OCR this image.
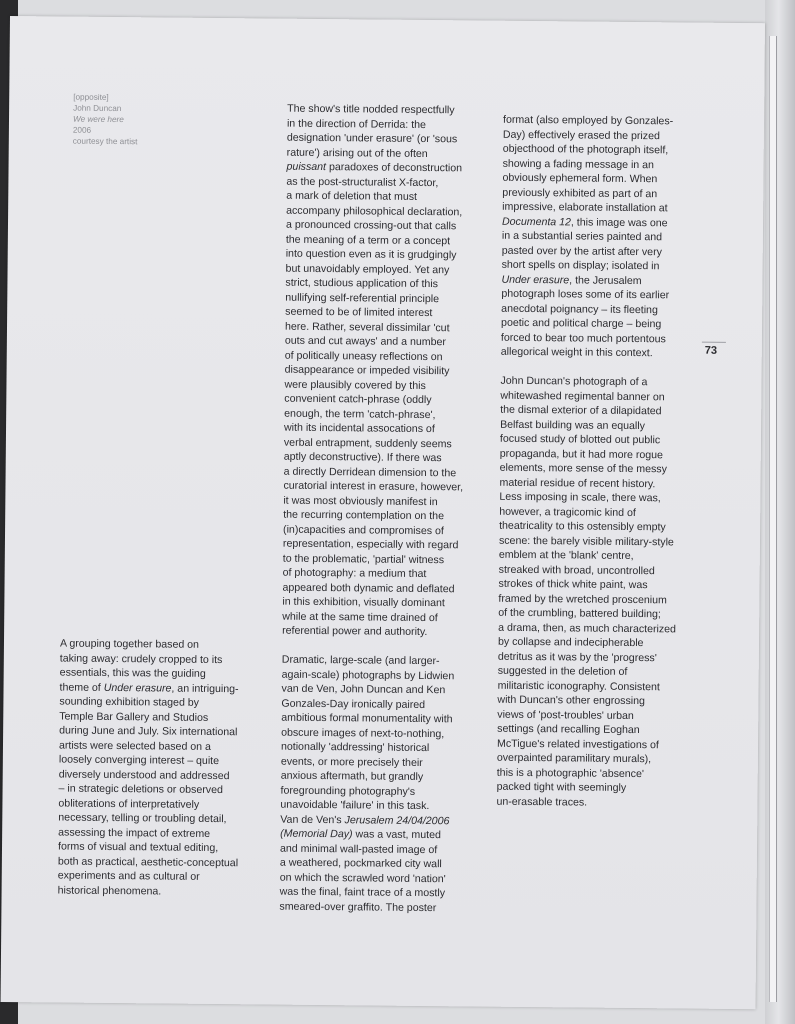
[opposite]
John Duncan
We were here
2006
courtesy the artist

The show's title nodded respectfully
in the direction of Derrida: the
designation 'under erasure' (or 'sous
rature') arising out of the often
puissant paradoxes of deconstruction
as the post-structuralist X-factor,
a mark of deletion that must
accompany philosophical declaration,
a pronounced crossing-out that calls
the meaning of a term or a concept
into question even as it is grudgingly
but unavoidably employed. Yet any
strict, studious application of this
nullifying self-referential principle
seemed to be of limited interest
here. Rather, several dissimilar 'cut
outs and cut aways' and a number
of politically uneasy reflections on
disappearance or impeded visibility
were plausibly covered by this
convenient catch-phrase (oddly
enough, the term 'catch-phrase',
with its incidental assocations of
verbal entrapment, suddenly seems
aptly deconstructive). If there was
a directly Derridean dimension to the
curatorial interest in erasure, however,
it was most obviously manifest in
the recurring contemplation on the
(in)capacities and compromises of
representation, especially with regard
to the problematic, 'partial' witness
of photography: a medium that
appeared both dynamic and deflated
in this exhibition, visually dominant
while at the same time drained of
referential power and authority.

Dramatic, large-scale (and larger-
again-scale) photographs by Lidwien
van de Ven, John Duncan and Ken
Gonzales-Day ironically paired
ambitious formal monumentality with
obscure images of next-to-nothing,
notionally 'addressing' historical
events, or more precisely their
anxious aftermath, but grandly
foregrounding photography's
unavoidable 'failure' in this task.
Van de Ven's Jerusalem 24/04/2006
(Memorial Day) was a vast, muted
and minimal wall-pasted image of
a weathered, pockmarked city wall
on which the scrawled word 'nation'
was the final, faint trace of a mostly
smeared-over graffito. The poster

format (also employed by Gonzales-
Day) effectively erased the prized
objecthood of the photograph itself,
showing a fading message in an
obviously ephemeral form. When
previously exhibited as part of an
impressive, elaborate installation at
Documenta 12, this image was one
in a substantial series painted and
pasted over by the artist after very
short spells on display; isolated in
Under erasure, the Jerusalem
photograph loses some of its earlier
anecdotal poignancy – its fleeting
poetic and political charge – being
forced to bear too much portentous
allegorical weight in this context.

John Duncan's photograph of a
whitewashed regimental banner on
the dismal exterior of a dilapidated
Belfast building was an equally
focused study of blotted out public
propaganda, but it had more rogue
elements, more sense of the messy
material residue of recent history.
Less imposing in scale, there was,
however, a tragicomic kind of
theatricality to this ostensibly empty
scene: the barely visible military-style
emblem at the 'blank' centre,
streaked with broad, uncontrolled
strokes of thick white paint, was
framed by the wretched proscenium
of the crumbling, battered building;
a drama, then, as much characterized
by collapse and indecipherable
detritus as it was by the 'progress'
suggested in the deletion of
militaristic iconography. Consistent
with Duncan's other engrossing
views of 'post-troubles' urban
settings (and recalling Eoghan
McTigue's related investigations of
overpainted paramilitary murals),
this is a photographic 'absence'
packed tight with seemingly
un-erasable traces.

A grouping together based on
taking away: crudely cropped to its
essentials, this was the guiding
theme of Under erasure, an intriguing-
sounding exhibition staged by
Temple Bar Gallery and Studios
during June and July. Six international
artists were selected based on a
loosely converging interest – quite
diversely understood and addressed
– in strategic deletions or observed
obliterations of interpretatively
necessary, telling or troubling detail,
assessing the impact of extreme
forms of visual and textual editing,
both as practical, aesthetic-conceptual
experiments and as cultural or
historical phenomena.

73
